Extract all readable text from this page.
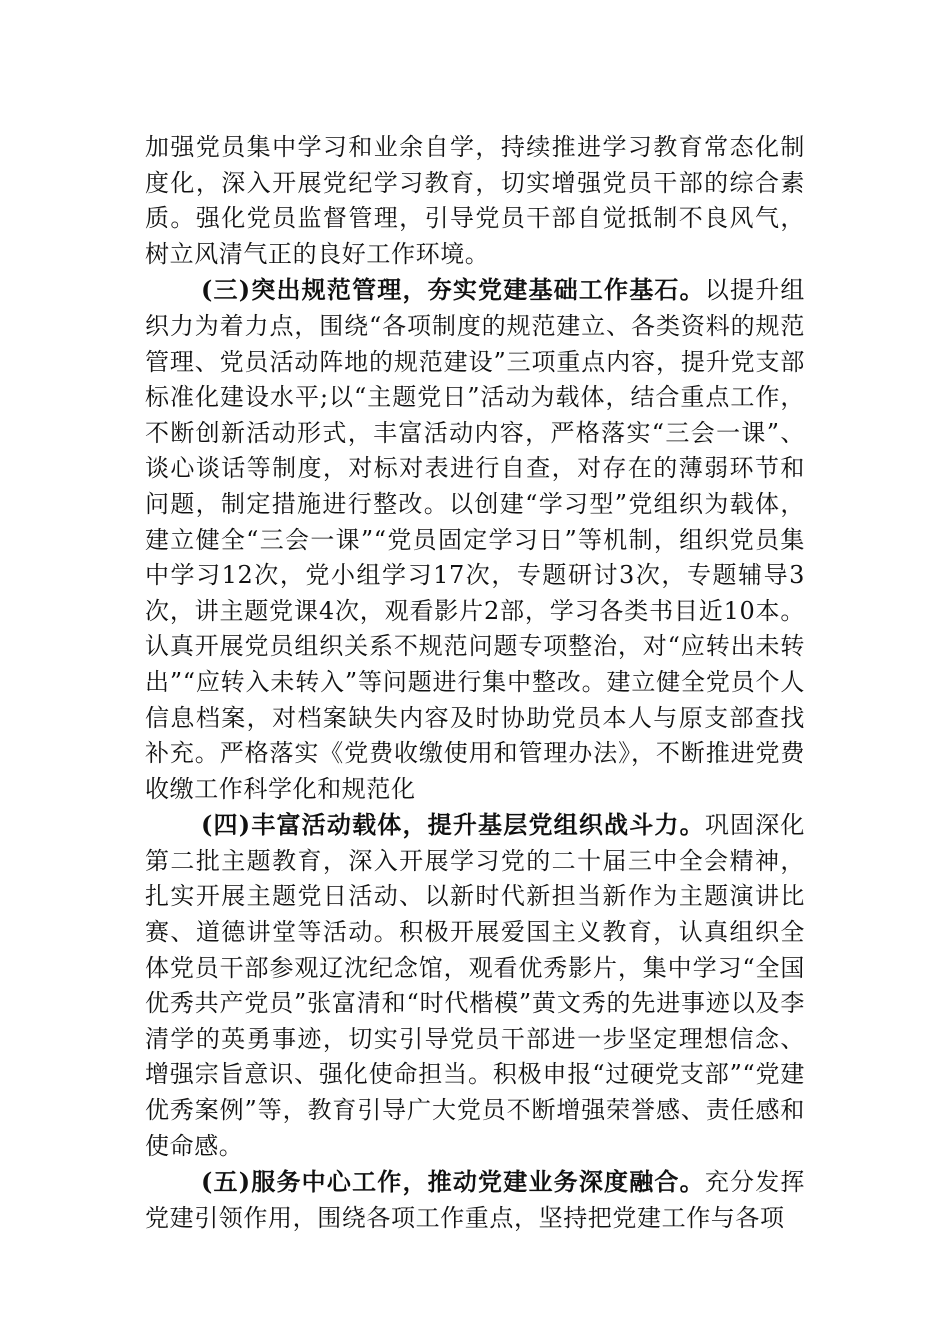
加强党员集中学习和业余自学，持续推进学习教育常态化制度化，深入开展党纪学习教育，切实增强党员干部的综合素质。强化党员监督管理，引导党员干部自觉抵制不良风气，树立风清气正的良好工作环境。

(三)突出规范管理，夯实党建基础工作基石。以提升组织力为着力点，围绕“各项制度的规范建立、各类资料的规范管理、党员活动阵地的规范建设”三项重点内容，提升党支部标准化建设水平;以“主题党日”活动为载体，结合重点工作，不断创新活动形式，丰富活动内容，严格落实“三会一课”、谈心谈话等制度，对标对表进行自查，对存在的薄弱环节和问题，制定措施进行整改。以创建“学习型”党组织为载体，建立健全“三会一课”“党员固定学习日”等机制，组织党员集中学习12次，党小组学习17次，专题研讨3次，专题辅导3次，讲主题党课4次，观看影片2部，学习各类书目近10本。认真开展党员组织关系不规范问题专项整治，对“应转出未转出”“应转入未转入”等问题进行集中整改。建立健全党员个人信息档案，对档案缺失内容及时协助党员本人与原支部查找补充。严格落实《党费收缴使用和管理办法》，不断推进党费收缴工作科学化和规范化

(四)丰富活动载体，提升基层党组织战斗力。巩固深化第二批主题教育，深入开展学习党的二十届三中全会精神，扎实开展主题党日活动、以新时代新担当新作为主题演讲比赛、道德讲堂等活动。积极开展爱国主义教育，认真组织全体党员干部参观辽沈纪念馆，观看优秀影片，集中学习“全国优秀共产党员”张富清和“时代楷模”黄文秀的先进事迹以及李清学的英勇事迹，切实引导党员干部进一步坚定理想信念、增强宗旨意识、强化使命担当。积极申报“过硬党支部”“党建优秀案例”等，教育引导广大党员不断增强荣誉感、责任感和使命感。

(五)服务中心工作，推动党建业务深度融合。充分发挥党建引领作用，围绕各项工作重点，坚持把党建工作与各项
